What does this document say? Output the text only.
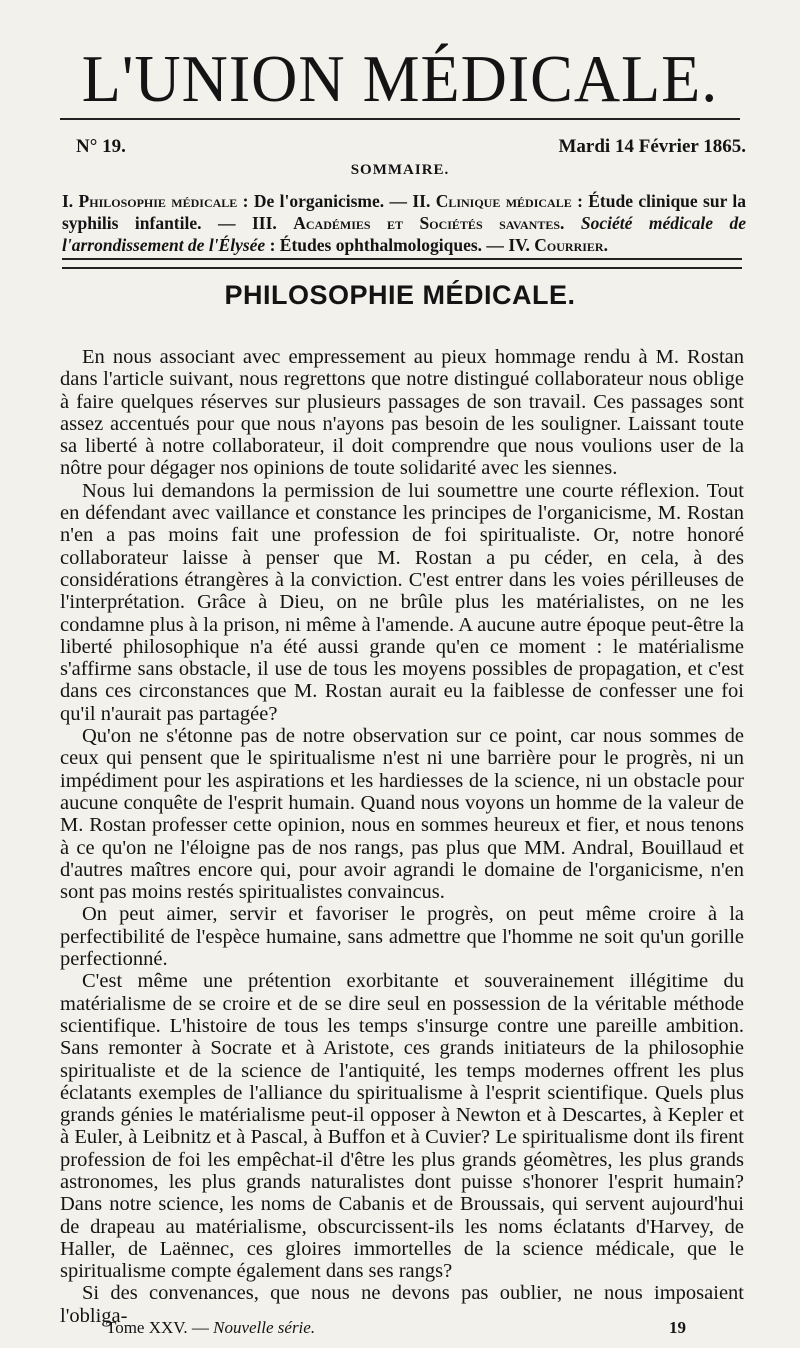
L'UNION MÉDICALE.
N° 19.	Mardi 14 Février 1865.
SOMMAIRE.
I. Philosophie médicale : De l'organicisme. — II. Clinique médicale : Étude clinique sur la syphilis infantile. — III. Académies et Sociétés savantes. Société médicale de l'arrondissement de l'Élysée : Études ophthalmologiques. — IV. Courrier.
PHILOSOPHIE MÉDICALE.

En nous associant avec empressement au pieux hommage rendu à M. Rostan dans l'article suivant, nous regrettons que notre distingué collaborateur nous oblige à faire quelques réserves sur plusieurs passages de son travail. Ces passages sont assez accentués pour que nous n'ayons pas besoin de les souligner. Laissant toute sa liberté à notre collaborateur, il doit comprendre que nous voulions user de la nôtre pour dégager nos opinions de toute solidarité avec les siennes.

Nous lui demandons la permission de lui soumettre une courte réflexion. Tout en défendant avec vaillance et constance les principes de l'organicisme, M. Rostan n'en a pas moins fait une profession de foi spiritualiste. Or, notre honoré collaborateur laisse à penser que M. Rostan a pu céder, en cela, à des considérations étrangères à la conviction. C'est entrer dans les voies périlleuses de l'interprétation. Grâce à Dieu, on ne brûle plus les matérialistes, on ne les condamne plus à la prison, ni même à l'amende. A aucune autre époque peut-être la liberté philosophique n'a été aussi grande qu'en ce moment : le matérialisme s'affirme sans obstacle, il use de tous les moyens possibles de propagation, et c'est dans ces circonstances que M. Rostan aurait eu la faiblesse de confesser une foi qu'il n'aurait pas partagée?

Qu'on ne s'étonne pas de notre observation sur ce point, car nous sommes de ceux qui pensent que le spiritualisme n'est ni une barrière pour le progrès, ni un impédiment pour les aspirations et les hardiesses de la science, ni un obstacle pour aucune conquête de l'esprit humain. Quand nous voyons un homme de la valeur de M. Rostan professer cette opinion, nous en sommes heureux et fier, et nous tenons à ce qu'on ne l'éloigne pas de nos rangs, pas plus que MM. Andral, Bouillaud et d'autres maîtres encore qui, pour avoir agrandi le domaine de l'organicisme, n'en sont pas moins restés spiritualistes convaincus.

On peut aimer, servir et favoriser le progrès, on peut même croire à la perfectibilité de l'espèce humaine, sans admettre que l'homme ne soit qu'un gorille perfectionné.

C'est même une prétention exorbitante et souverainement illégitime du matérialisme de se croire et de se dire seul en possession de la véritable méthode scientifique. L'histoire de tous les temps s'insurge contre une pareille ambition. Sans remonter à Socrate et à Aristote, ces grands initiateurs de la philosophie spiritualiste et de la science de l'antiquité, les temps modernes offrent les plus éclatants exemples de l'alliance du spiritualisme à l'esprit scientifique. Quels plus grands génies le matérialisme peut-il opposer à Newton et à Descartes, à Kepler et à Euler, à Leibnitz et à Pascal, à Buffon et à Cuvier? Le spiritualisme dont ils firent profession de foi les empêchat-il d'être les plus grands géomètres, les plus grands astronomes, les plus grands naturalistes dont puisse s'honorer l'esprit humain? Dans notre science, les noms de Cabanis et de Broussais, qui servent aujourd'hui de drapeau au matérialisme, obscurcissent-ils les noms éclatants d'Harvey, de Haller, de Laënnec, ces gloires immortelles de la science médicale, que le spiritualisme compte également dans ses rangs?

Si des convenances, que nous ne devons pas oublier, ne nous imposaient l'obliga-

Tome XXV. — Nouvelle série.	19
